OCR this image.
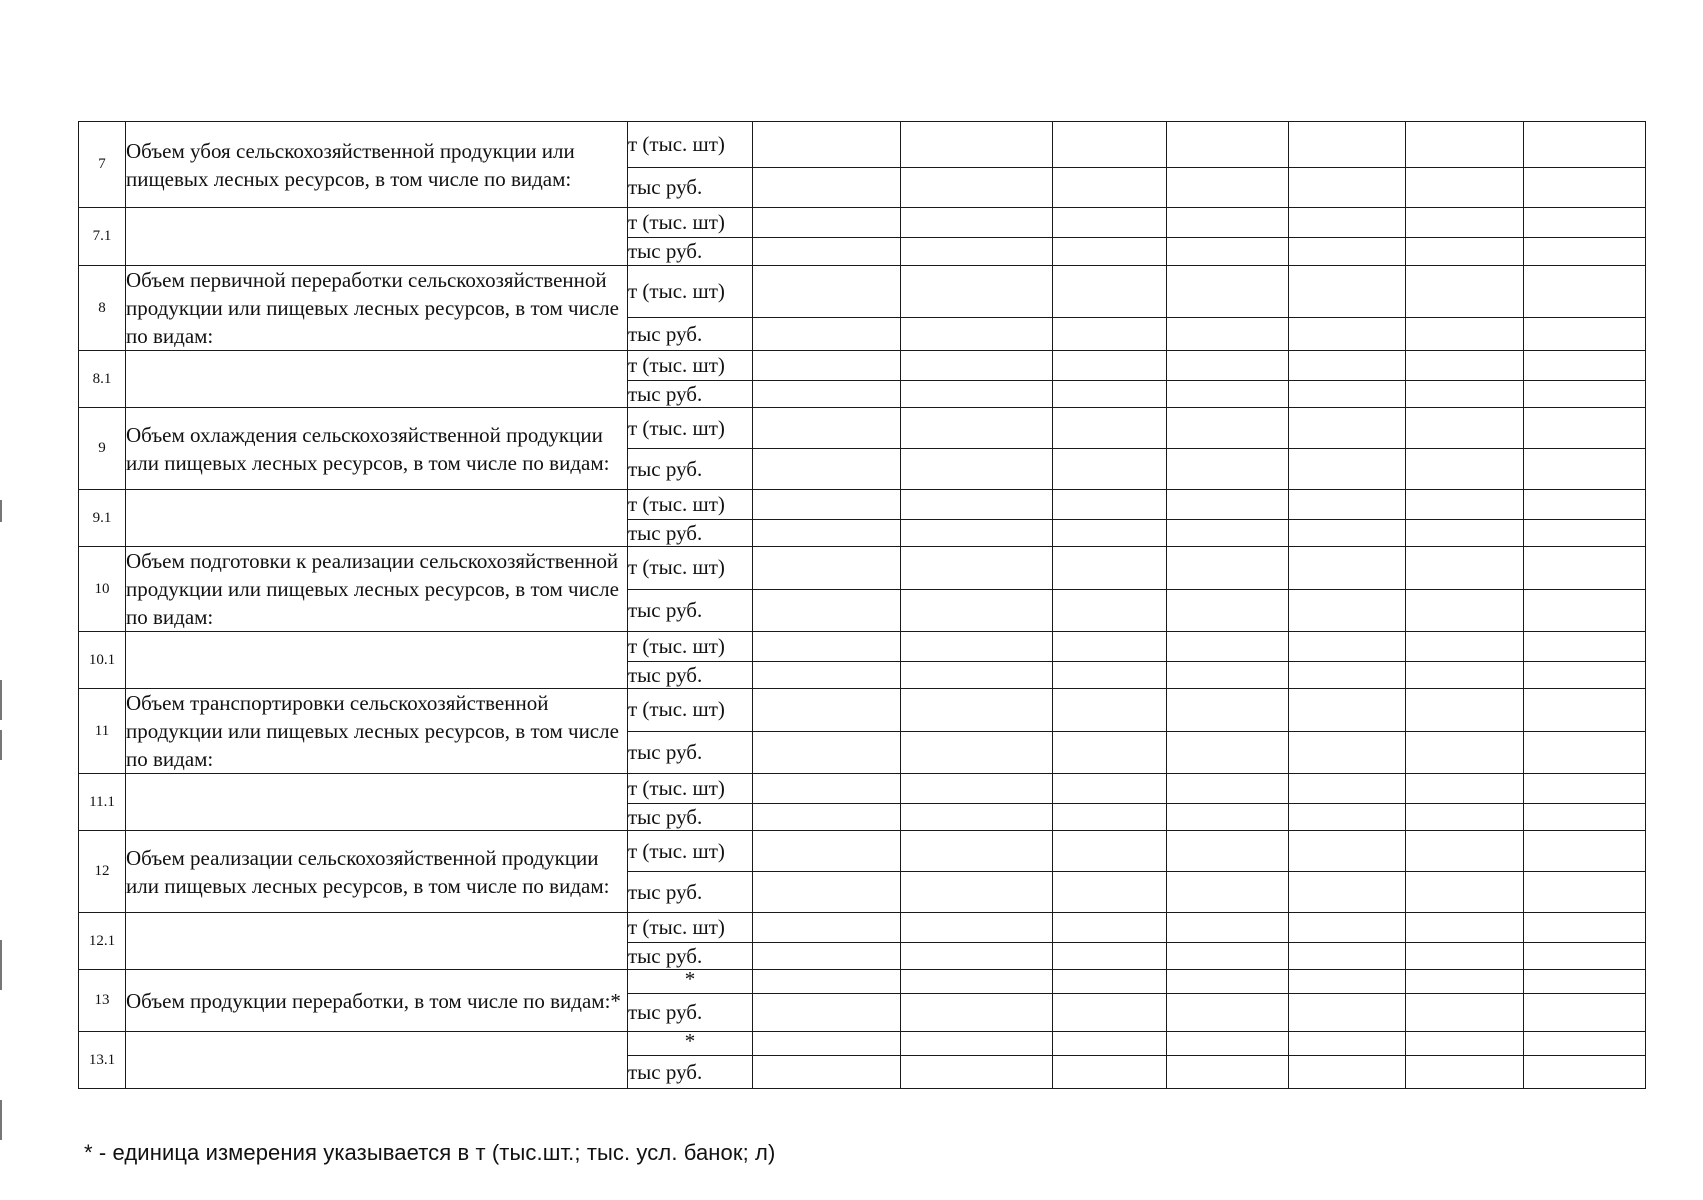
7	Объем убоя сельскохозяйственной продукции или пищевых лесных ресурсов, в том числе по видам:	т (тыс. шт)							
		тыс руб.							
7.1		т (тыс. шт)							
		тыс руб.							
8	Объем первичной переработки сельскохозяйственной продукции или пищевых лесных ресурсов, в том числе по видам:	т (тыс. шт)							
		тыс руб.							
8.1		т (тыс. шт)							
		тыс руб.							
9	Объем охлаждения сельскохозяйственной продукции или пищевых лесных ресурсов, в том числе по видам:	т (тыс. шт)							
		тыс руб.							
9.1		т (тыс. шт)							
		тыс руб.							
10	Объем подготовки к реализации сельскохозяйственной продукции или пищевых лесных ресурсов, в том числе по видам:	т (тыс. шт)							
		тыс руб.							
10.1		т (тыс. шт)							
		тыс руб.							
11	Объем транспортировки сельскохозяйственной продукции или пищевых лесных ресурсов, в том числе по видам:	т (тыс. шт)							
		тыс руб.							
11.1		т (тыс. шт)							
		тыс руб.							
12	Объем реализации сельскохозяйственной продукции или пищевых лесных ресурсов, в том числе по видам:	т (тыс. шт)							
		тыс руб.							
12.1		т (тыс. шт)							
		тыс руб.							
13	Объем продукции переработки, в том числе по видам:*	*							
		тыс руб.							
13.1		*							
		тыс руб.							
* - единица измерения указывается в т (тыс.шт.; тыс. усл. банок; л)
